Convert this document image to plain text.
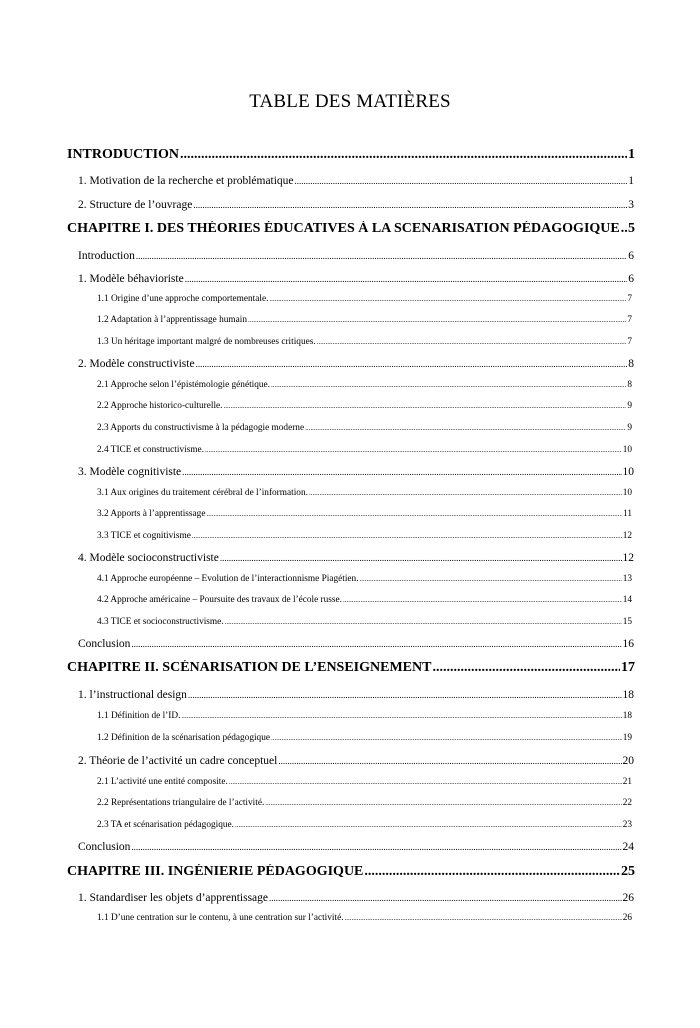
TABLE DES MATIÈRES
INTRODUCTION .....	1
1. Motivation de la recherche et problématique .....	1
2. Structure de l’ouvrage .....	3
CHAPITRE I. DES THÉORIES ÉDUCATIVES À LA SCENARISATION PÉDAGOGIQUE ..... 5
Introduction .....	6
1. Modèle béhavioriste .....	6
1.1 Origine d’une approche comportementale. .....	7
1.2 Adaptation à l’apprentissage humain .....	7
1.3 Un héritage important malgré de nombreuses critiques. .....	7
2. Modèle constructiviste .....	8
2.1 Approche selon l’épistémologie génétique. .....	8
2.2 Approche historico-culturelle. .....	9
2.3 Apports du constructivisme à la pédagogie moderne .....	9
2.4 TICE et constructivisme. .....	10
3. Modèle cognitiviste .....	10
3.1 Aux origines du traitement cérébral de l’information. .....	10
3.2 Apports à l’apprentissage .....	11
3.3 TICE et cognitivisme .....	12
4. Modèle socioconstructiviste .....	12
4.1 Approche européenne – Évolution de l’interactionnisme Piagétien. .....	13
4.2 Approche américaine – Poursuite des travaux de l’école russe. .....	14
4.3 TICE et socioconstructivisme. .....	15
Conclusion .....	16
CHAPITRE II. SCÉNARISATION DE L’ENSEIGNEMENT .....	17
1. l’instructional design .....	18
1.1 Définition de l’ID. .....	18
1.2 Définition de la scénarisation pédagogique .....	19
2. Théorie de l’activité un cadre conceptuel .....	20
2.1 L’activité une entité composite. .....	21
2.2 Représentations triangulaire de l’activité. .....	22
2.3 TA et scénarisation pédagogique. .....	23
Conclusion .....	24
CHAPITRE III. INGÉNIERIE PÉDAGOGIQUE .....	25
1. Standardiser les objets d’apprentissage .....	26
1.1 D’une centration sur le contenu, à une centration sur l’activité. .....	26
